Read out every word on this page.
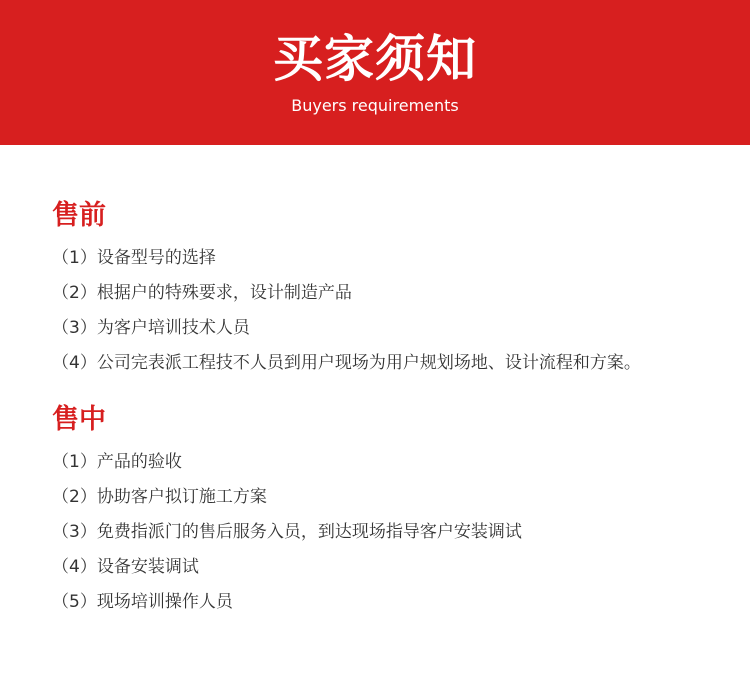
买家须知
Buyers requirements
售前
（1）设备型号的选择
（2）根据户的特殊要求，设计制造产品
（3）为客户培训技术人员
（4）公司完表派工程技不人员到用户现场为用户规划场地、设计流程和方案。
售中
（1）产品的验收
（2）协助客户拟订施工方案
（3）免费指派门的售后服务入员，到达现场指导客户安装调试
（4）设备安装调试
（5）现场培训操作人员
